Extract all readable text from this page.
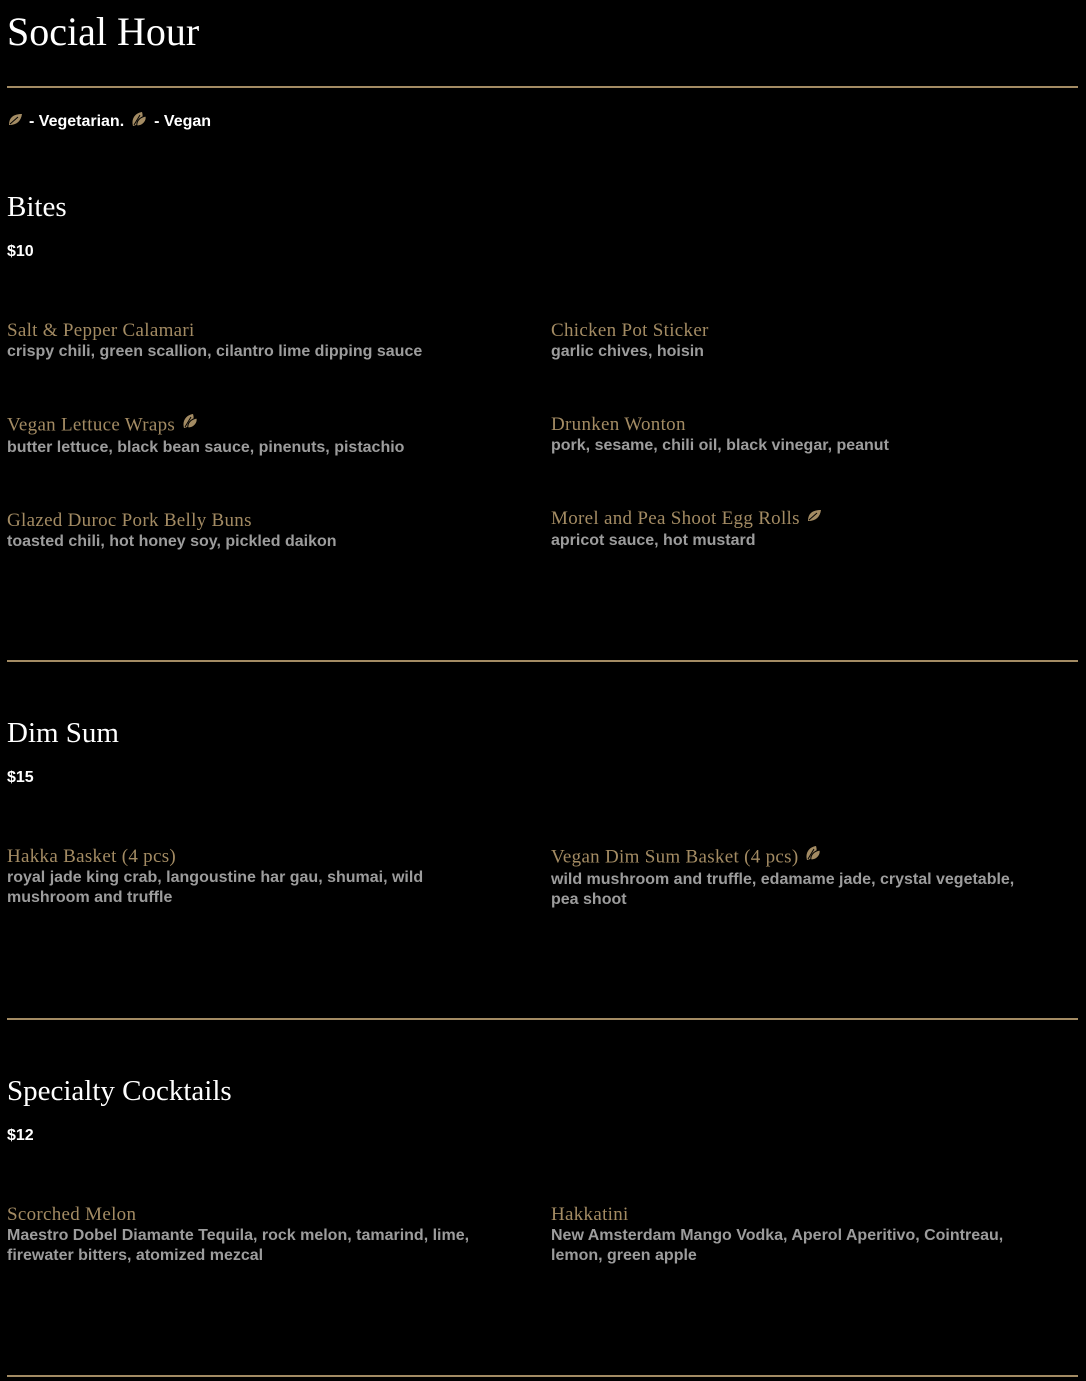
Social Hour
- Vegetarian. - Vegan
Bites
$10
Salt & Pepper Calamari
crispy chili, green scallion, cilantro lime dipping sauce
Chicken Pot Sticker
garlic chives, hoisin
Vegan Lettuce Wraps
butter lettuce, black bean sauce, pinenuts, pistachio
Drunken Wonton
pork, sesame, chili oil, black vinegar, peanut
Glazed Duroc Pork Belly Buns
toasted chili, hot honey soy, pickled daikon
Morel and Pea Shoot Egg Rolls
apricot sauce, hot mustard
Dim Sum
$15
Hakka Basket (4 pcs)
royal jade king crab, langoustine har gau, shumai, wild mushroom and truffle
Vegan Dim Sum Basket (4 pcs)
wild mushroom and truffle, edamame jade, crystal vegetable, pea shoot
Specialty Cocktails
$12
Scorched Melon
Maestro Dobel Diamante Tequila, rock melon, tamarind, lime, firewater bitters, atomized mezcal
Hakkatini
New Amsterdam Mango Vodka, Aperol Aperitivo, Cointreau, lemon, green apple
